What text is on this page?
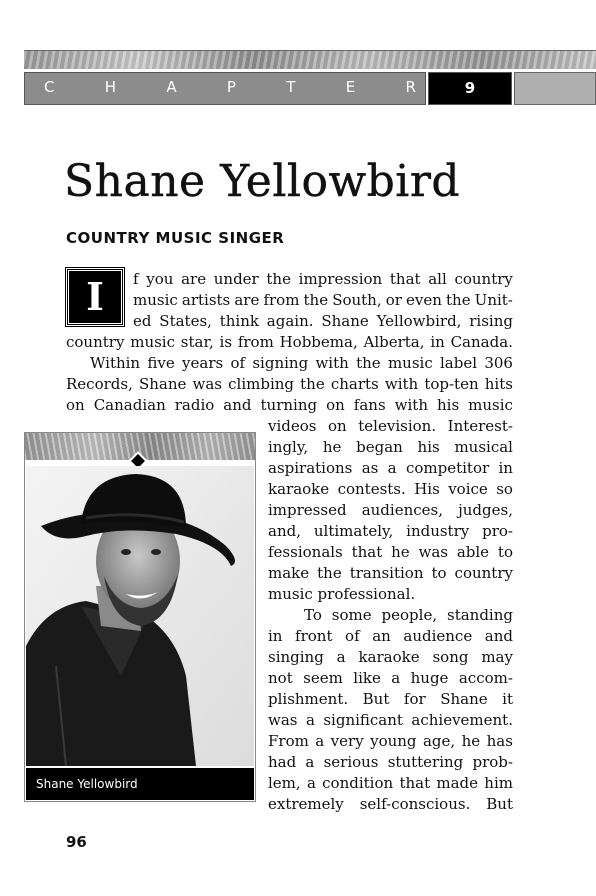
C	H	A	P	T	E	R	9
Shane Yellowbird
COUNTRY MUSIC SINGER
I	f you are under the impression that all country
music artists are from the South, or even the Unit-
ed States, think again. Shane Yellowbird, rising
country music star, is from Hobbema, Alberta, in Canada.
Within five years of signing with the music label 306
Records, Shane was climbing the charts with top-ten hits
on Canadian radio and turning on fans with his music
videos on television. Interest-
ingly, he began his musical
aspirations as a competitor in
karaoke contests. His voice so
impressed audiences, judges,
and, ultimately, industry pro-
fessionals that he was able to
make the transition to country
music professional.
To some people, standing
in front of an audience and
singing a karaoke song may
not seem like a huge accom-
plishment. But for Shane it
was a significant achievement.
From a very young age, he has
had a serious stuttering prob-
lem, a condition that made him
extremely self-conscious. But
Shane Yellowbird
96
